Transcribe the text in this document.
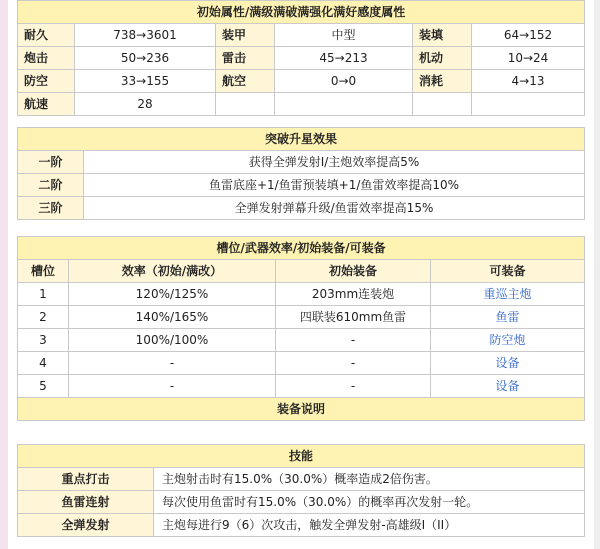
初始属性/满级满破满强化满好感度属性					
耐久	738→3601	装甲	中型	装填	64→152
炮击	50→236	雷击	45→213	机动	10→24
防空	33→155	航空	0→0	消耗	4→13
航速	28				
突破升星效果	
一阶	获得全弹发射I/主炮效率提高5%
二阶	鱼雷底座+1/鱼雷预装填+1/鱼雷效率提高10%
三阶	全弹发射弹幕升级/鱼雷效率提高15%
槽位/武器效率/初始装备/可装备			
槽位	效率（初始/满改）	初始装备	可装备
1	120%/125%	203mm连装炮	重巡主炮
2	140%/165%	四联装610mm鱼雷	鱼雷
3	100%/100%	-	防空炮
4	-	-	设备
5	-	-	设备
装备说明			
技能	
重点打击	主炮射击时有15.0%（30.0%）概率造成2倍伤害。
鱼雷连射	每次使用鱼雷时有15.0%（30.0%）的概率再次发射一轮。
全弹发射	主炮每进行9（6）次攻击，触发全弹发射-高雄级I（II）
